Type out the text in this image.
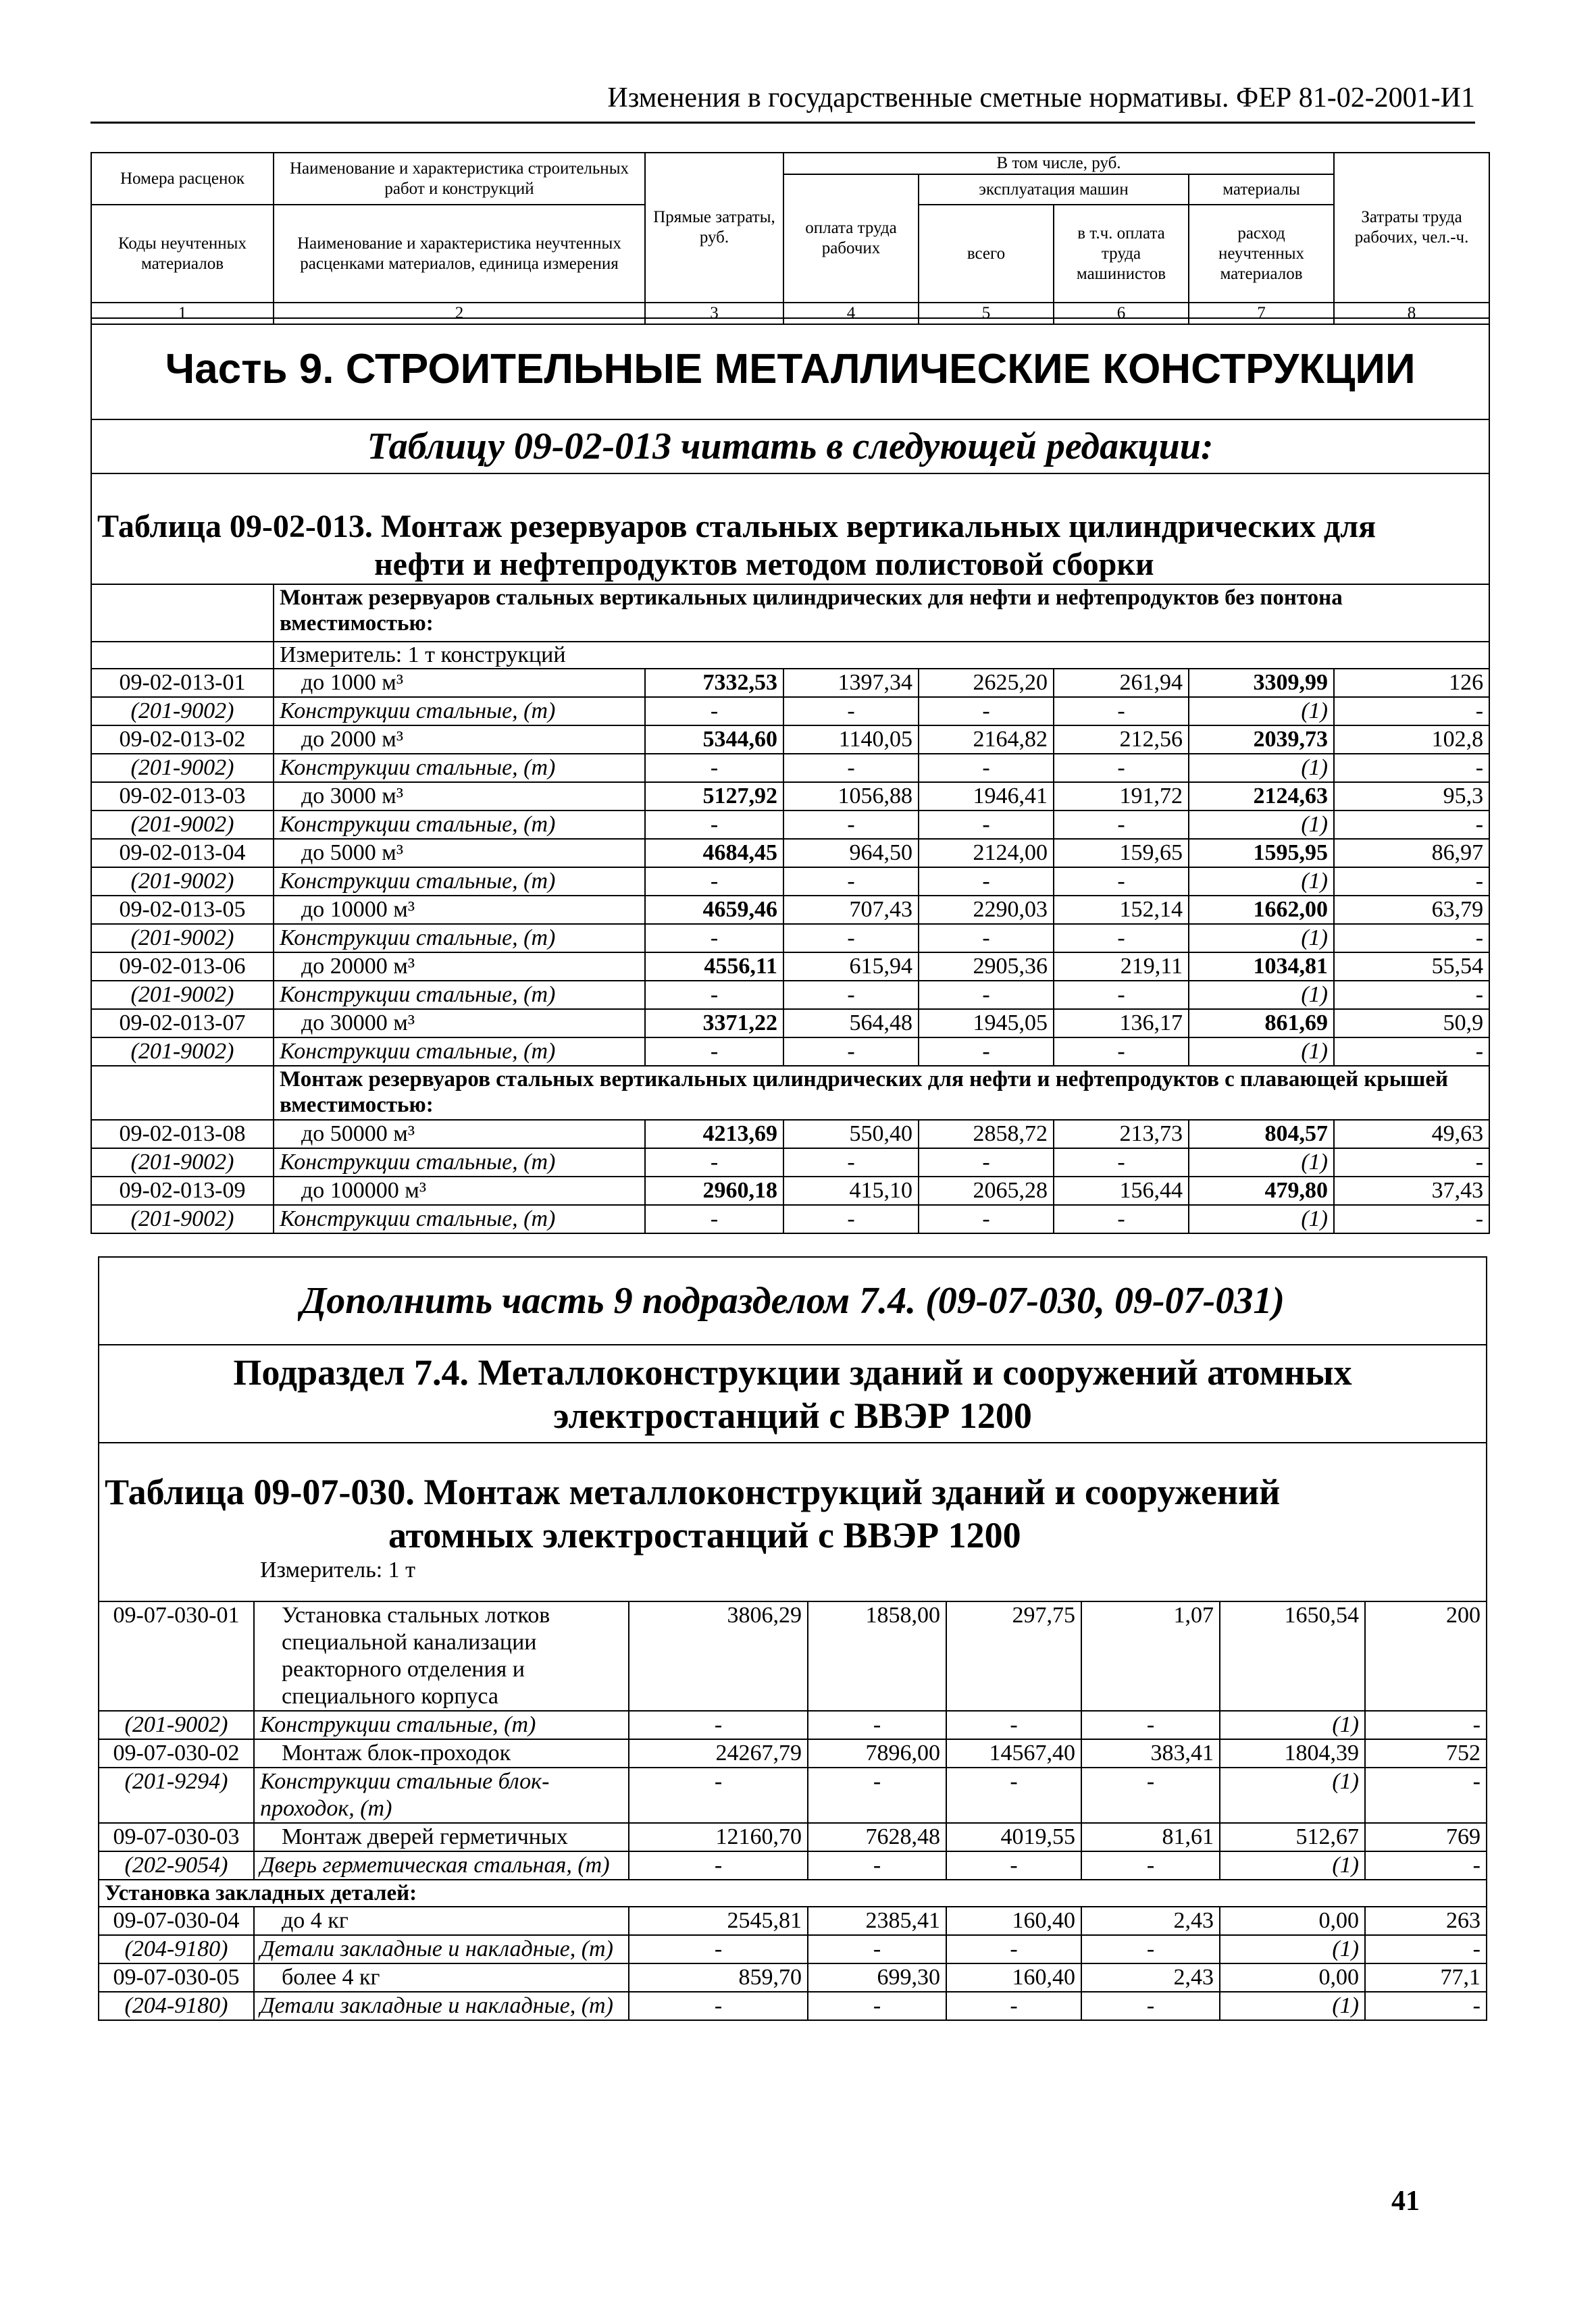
Изменения в государственные сметные нормативы. ФЕР 81-02-2001-И1
Номера расценок	Наименование и характеристика строительных работ и конструкций	Прямые затраты, руб.	В том числе, руб.				Затраты труда рабочих, чел.-ч.
			оплата труда рабочих	эксплуатация машин		материалы	
Коды неучтенных материалов	Наименование и характеристика неучтенных расценками материалов, единица измерения			всего	в т.ч. оплата труда машинистов	расход неучтенных материалов	
1	2	3	4	5	6	7	8
Часть 9. СТРОИТЕЛЬНЫЕ МЕТАЛЛИЧЕСКИЕ КОНСТРУКЦИИ							
Таблицу 09-02-013 читать в следующей редакции:							

Таблица 09-02-013. Монтаж резервуаров стальных вертикальных цилиндрических для
нефти и нефтепродуктов методом полистовой сборки							

	Монтаж резервуаров стальных вертикальных цилиндрических для нефти и нефтепродуктов без понтона вместимостью:						
	Измеритель: 1 т конструкций						
09-02-013-01	до 1000 м³	7332,53	1397,34	2625,20	261,94	3309,99	126
(201-9002)	Конструкции стальные, (т)	-	-	-	-	(1)	-
09-02-013-02	до 2000 м³	5344,60	1140,05	2164,82	212,56	2039,73	102,8
(201-9002)	Конструкции стальные, (т)	-	-	-	-	(1)	-
09-02-013-03	до 3000 м³	5127,92	1056,88	1946,41	191,72	2124,63	95,3
(201-9002)	Конструкции стальные, (т)	-	-	-	-	(1)	-
09-02-013-04	до 5000 м³	4684,45	964,50	2124,00	159,65	1595,95	86,97
(201-9002)	Конструкции стальные, (т)	-	-	-	-	(1)	-
09-02-013-05	до 10000 м³	4659,46	707,43	2290,03	152,14	1662,00	63,79
(201-9002)	Конструкции стальные, (т)	-	-	-	-	(1)	-
09-02-013-06	до 20000 м³	4556,11	615,94	2905,36	219,11	1034,81	55,54
(201-9002)	Конструкции стальные, (т)	-	-	-	-	(1)	-
09-02-013-07	до 30000 м³	3371,22	564,48	1945,05	136,17	861,69	50,9
(201-9002)	Конструкции стальные, (т)	-	-	-	-	(1)	-
	Монтаж резервуаров стальных вертикальных цилиндрических для нефти и нефтепродуктов с плавающей крышей вместимостью:						
09-02-013-08	до 50000 м³	4213,69	550,40	2858,72	213,73	804,57	49,63
(201-9002)	Конструкции стальные, (т)	-	-	-	-	(1)	-
09-02-013-09	до 100000 м³	2960,18	415,10	2065,28	156,44	479,80	37,43
(201-9002)	Конструкции стальные, (т)	-	-	-	-	(1)	-
Дополнить часть 9 подразделом 7.4. (09-07-030, 09-07-031)

Подраздел 7.4. Металлоконструкции зданий и сооружений атомных
электростанций с ВВЭР 1200

Таблица 09-07-030. Монтаж металлоконструкций зданий и сооружений
атомных электростанций с ВВЭР 1200
Измеритель: 1 т
09-07-030-01	Установка стальных лотков специальной канализации реакторного отделения и специального корпуса	3806,29	1858,00	297,75	1,07	1650,54	200
(201-9002)	Конструкции стальные, (т)	-	-	-	-	(1)	-
09-07-030-02	Монтаж блок-проходок	24267,79	7896,00	14567,40	383,41	1804,39	752
(201-9294)	Конструкции стальные блок-проходок, (т)	-	-	-	-	(1)	-
09-07-030-03	Монтаж дверей герметичных	12160,70	7628,48	4019,55	81,61	512,67	769
(202-9054)	Дверь герметическая стальная, (т)	-	-	-	-	(1)	-
Установка закладных деталей:							
09-07-030-04	до 4 кг	2545,81	2385,41	160,40	2,43	0,00	263
(204-9180)	Детали закладные и накладные, (т)	-	-	-	-	(1)	-
09-07-030-05	более 4 кг	859,70	699,30	160,40	2,43	0,00	77,1
(204-9180)	Детали закладные и накладные, (т)	-	-	-	-	(1)	-
41
